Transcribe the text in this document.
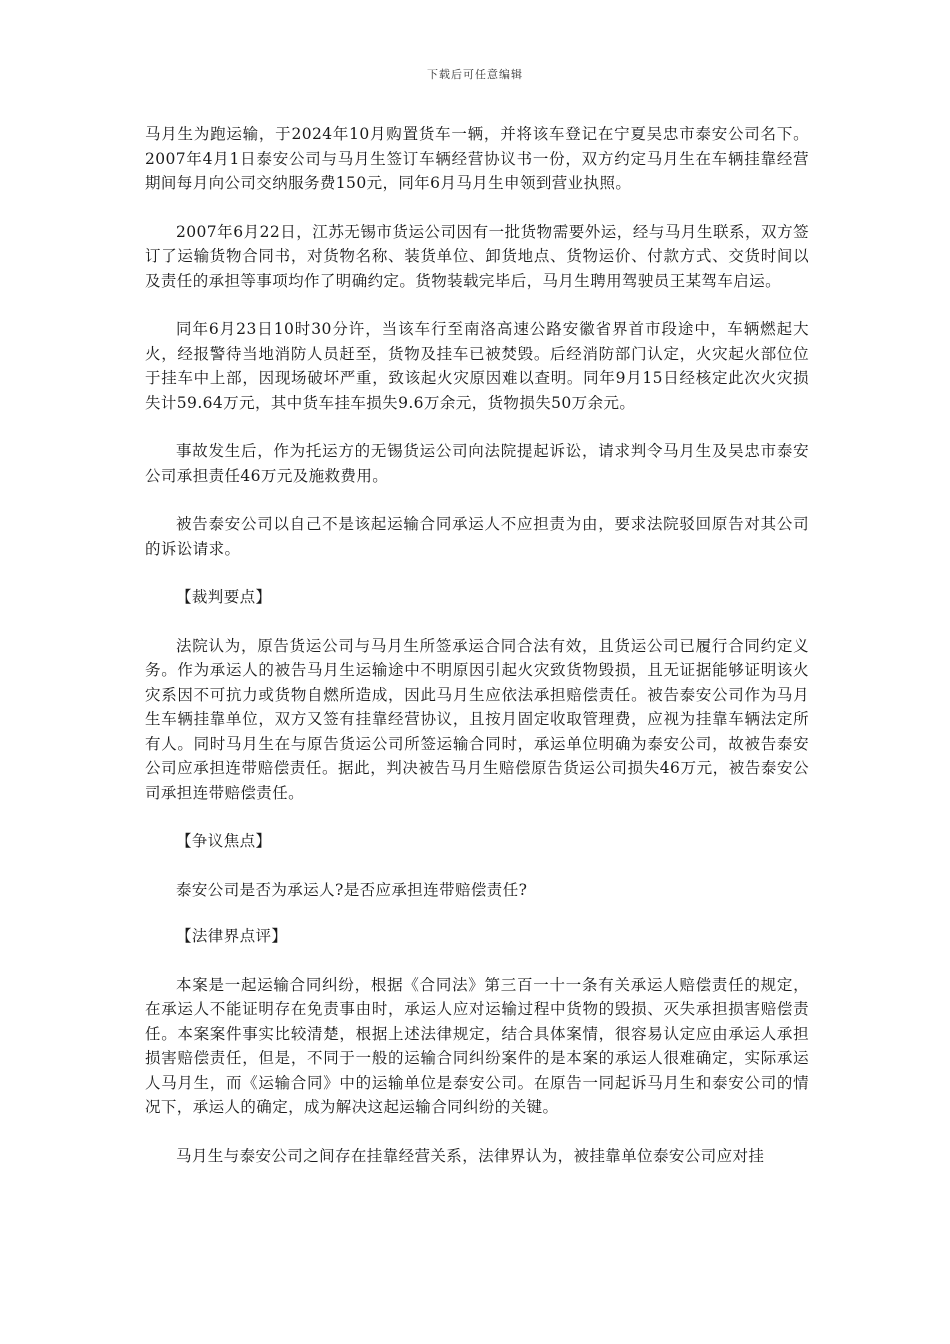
下载后可任意编辑

马月生为跑运输，于2024年10月购置货车一辆，并将该车登记在宁夏吴忠市泰安公司名下。2007年4月1日泰安公司与马月生签订车辆经营协议书一份，双方约定马月生在车辆挂靠经营期间每月向公司交纳服务费150元，同年6月马月生申领到营业执照。

2007年6月22日，江苏无锡市货运公司因有一批货物需要外运，经与马月生联系，双方签订了运输货物合同书，对货物名称、装货单位、卸货地点、货物运价、付款方式、交货时间以及责任的承担等事项均作了明确约定。货物装载完毕后，马月生聘用驾驶员王某驾车启运。

同年6月23日10时30分许，当该车行至南洛高速公路安徽省界首市段途中，车辆燃起大火，经报警待当地消防人员赶至，货物及挂车已被焚毁。后经消防部门认定，火灾起火部位位于挂车中上部，因现场破坏严重，致该起火灾原因难以查明。同年9月15日经核定此次火灾损失计59.64万元，其中货车挂车损失9.6万余元，货物损失50万余元。

事故发生后，作为托运方的无锡货运公司向法院提起诉讼，请求判令马月生及吴忠市泰安公司承担责任46万元及施救费用。

被告泰安公司以自己不是该起运输合同承运人不应担责为由，要求法院驳回原告对其公司的诉讼请求。

【裁判要点】

法院认为，原告货运公司与马月生所签承运合同合法有效，且货运公司已履行合同约定义务。作为承运人的被告马月生运输途中不明原因引起火灾致货物毁损，且无证据能够证明该火灾系因不可抗力或货物自燃所造成，因此马月生应依法承担赔偿责任。被告泰安公司作为马月生车辆挂靠单位，双方又签有挂靠经营协议，且按月固定收取管理费，应视为挂靠车辆法定所有人。同时马月生在与原告货运公司所签运输合同时，承运单位明确为泰安公司，故被告泰安公司应承担连带赔偿责任。据此，判决被告马月生赔偿原告货运公司损失46万元，被告泰安公司承担连带赔偿责任。

【争议焦点】

泰安公司是否为承运人?是否应承担连带赔偿责任?

【法律界点评】

本案是一起运输合同纠纷，根据《合同法》第三百一十一条有关承运人赔偿责任的规定，在承运人不能证明存在免责事由时，承运人应对运输过程中货物的毁损、灭失承担损害赔偿责任。本案案件事实比较清楚，根据上述法律规定，结合具体案情，很容易认定应由承运人承担损害赔偿责任，但是，不同于一般的运输合同纠纷案件的是本案的承运人很难确定，实际承运人马月生，而《运输合同》中的运输单位是泰安公司。在原告一同起诉马月生和泰安公司的情况下，承运人的确定，成为解决这起运输合同纠纷的关键。

马月生与泰安公司之间存在挂靠经营关系，法律界认为，被挂靠单位泰安公司应对挂
